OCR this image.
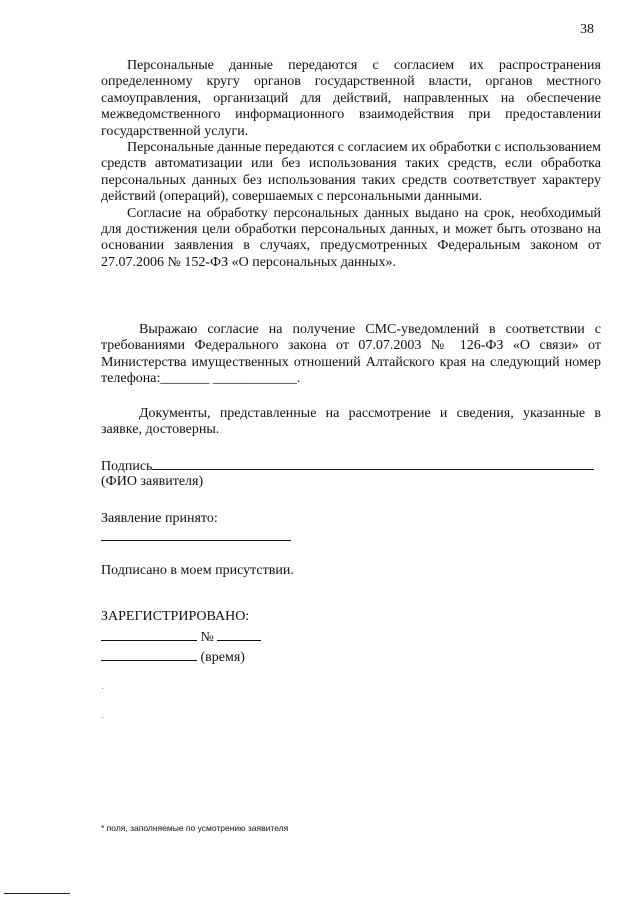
38

Персональные данные передаются с согласием их распространения определенному кругу органов государственной власти, органов местного самоуправления, организаций для действий, направленных на обеспечение межведомственного информационного взаимодействия при предоставлении государственной услуги.

Персональные данные передаются с согласием их обработки с использованием средств автоматизации или без использования таких средств, если обработка персональных данных без использования таких средств соответствует характеру действий (операций), совершаемых с персональными данными.

Согласие на обработку персональных данных выдано на срок, необходимый для достижения цели обработки персональных данных, и может быть отозвано на основании заявления в случаях, предусмотренных Федеральным законом от 27.07.2006 № 152-ФЗ «О персональных данных».

Выражаю согласие на получение СМС-уведомлений в соответствии с требованиями Федерального закона от 07.07.2003 № 126-ФЗ «О связи» от Министерства имущественных отношений Алтайского края на следующий номер телефона:_______ ____________.

Документы, представленные на рассмотрение и сведения, указанные в заявке, достоверны.

Подпись
(ФИО заявителя)
Заявление принято:
Подписано в моем присутствии.
ЗАРЕГИСТРИРОВАНО:
№
(время)
* поля, заполняемые по усмотрению заявителя
